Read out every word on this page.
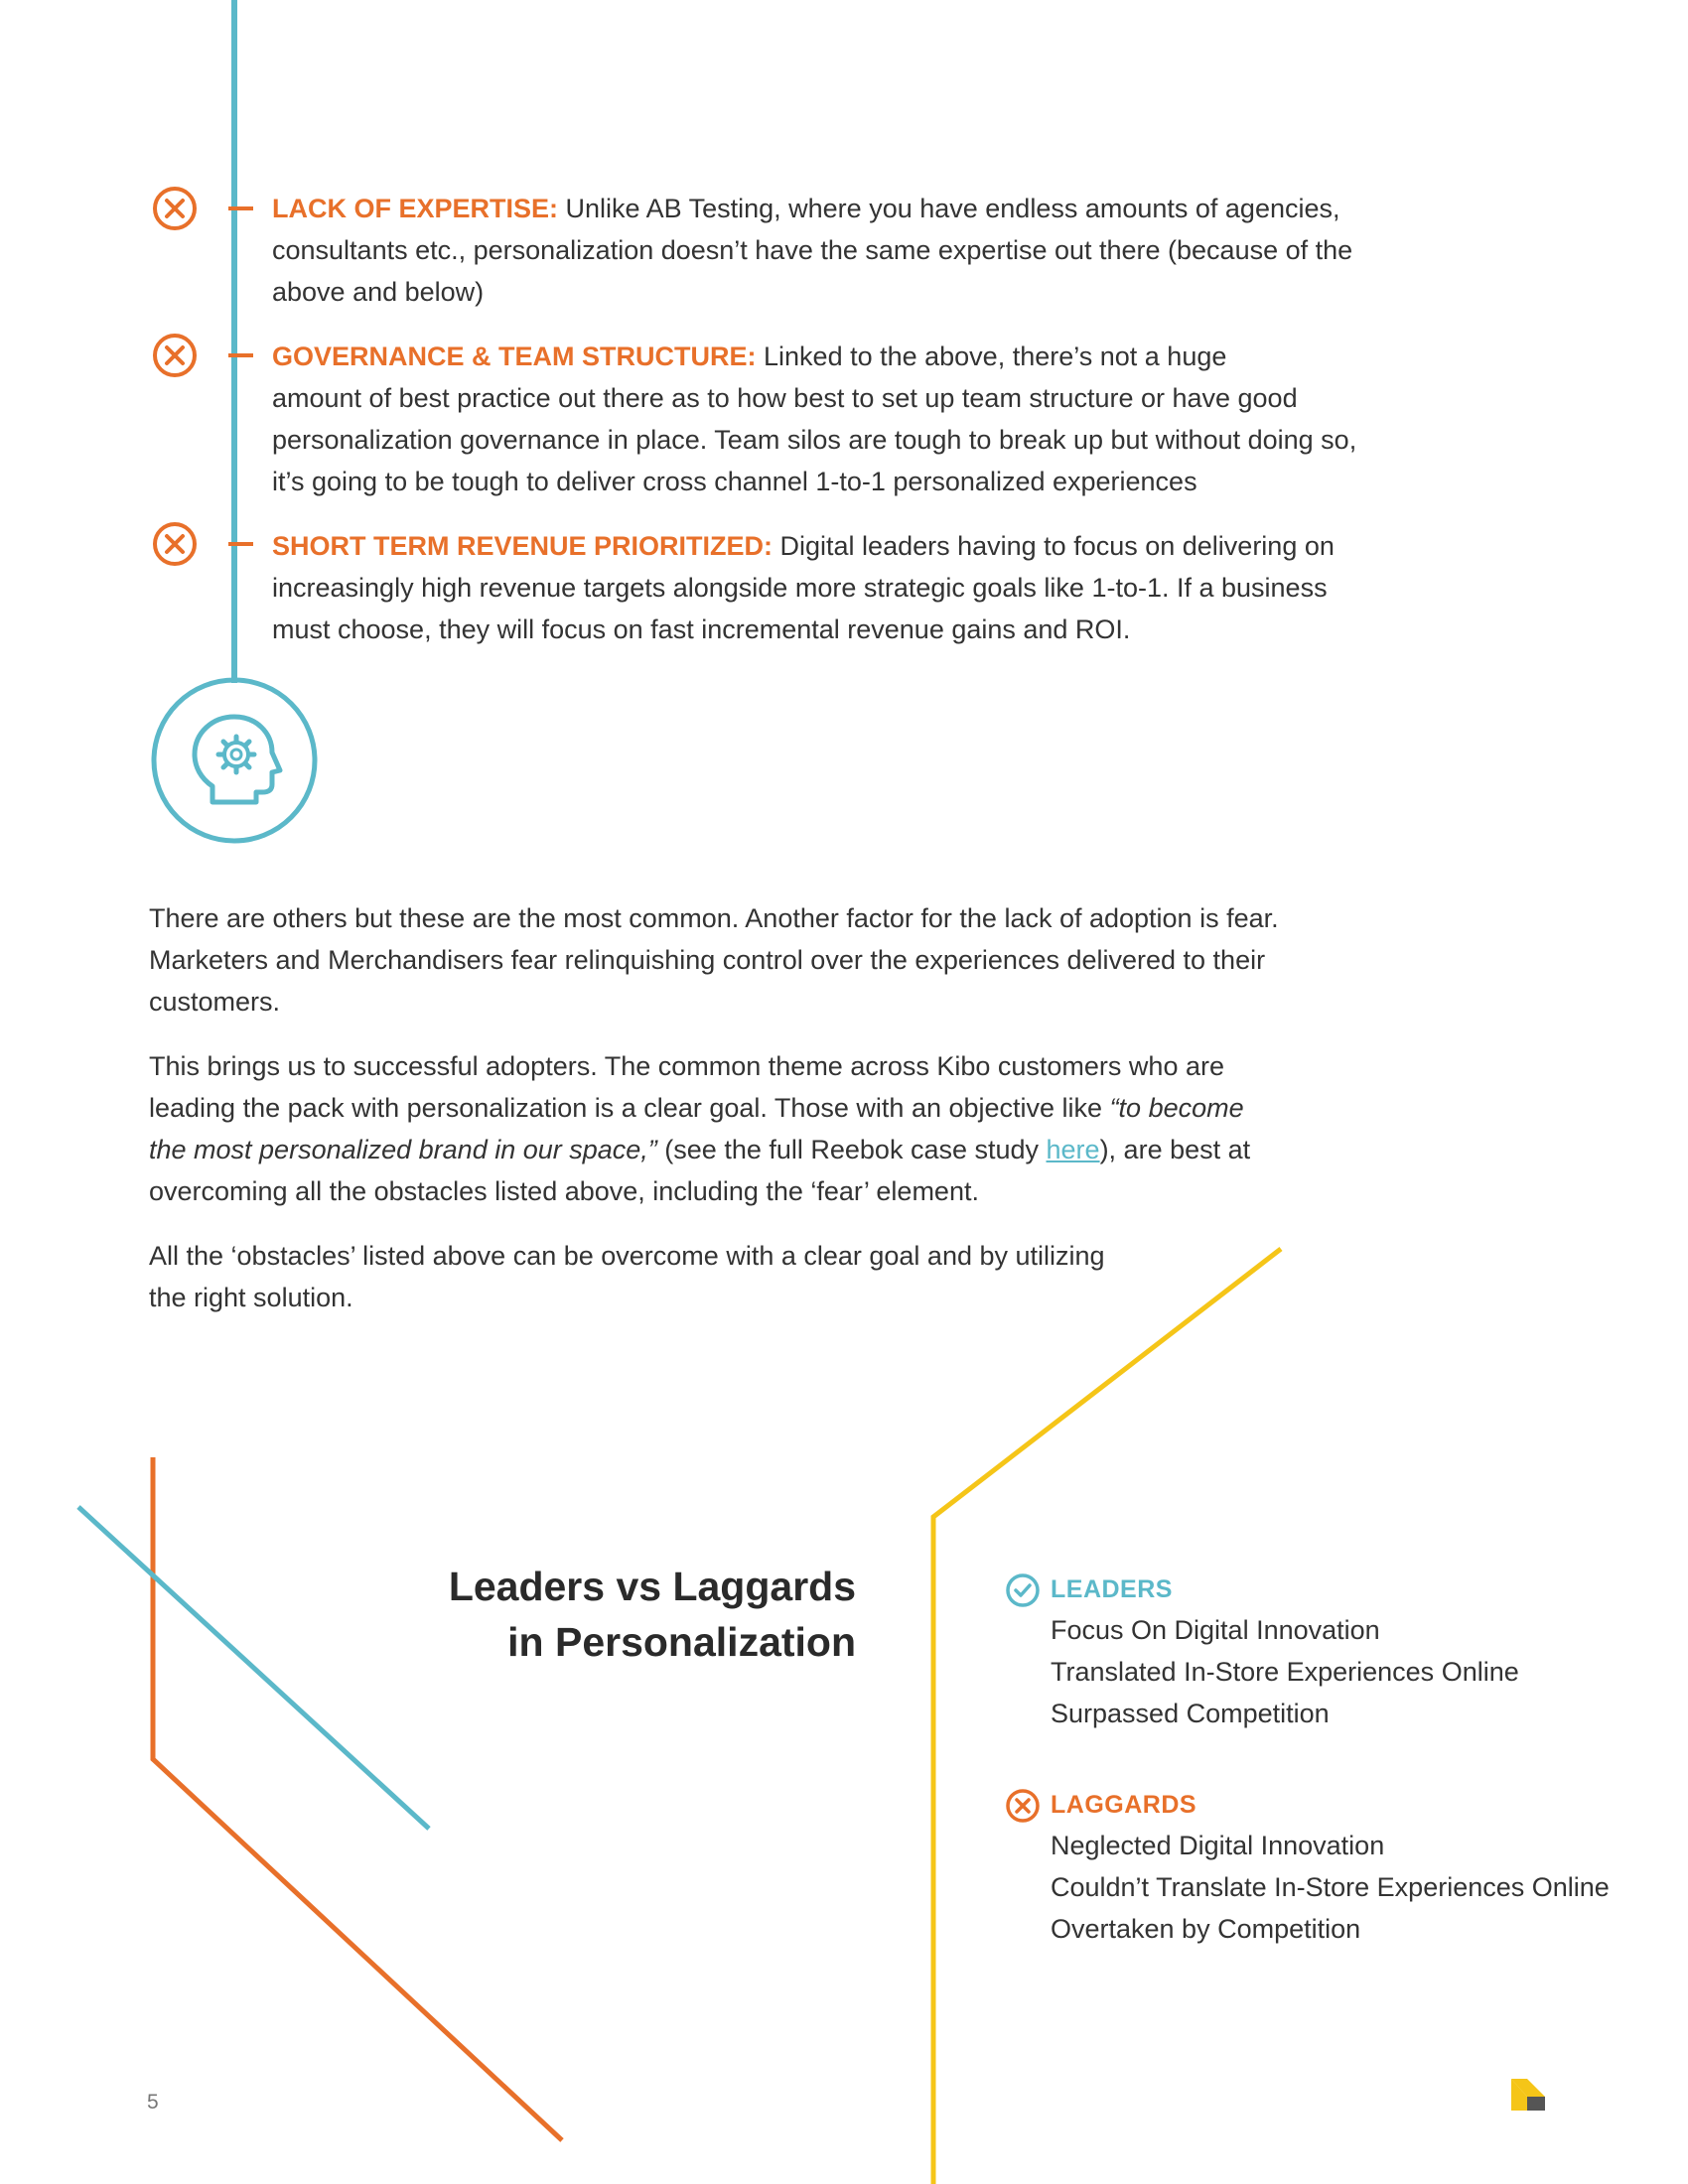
LACK OF EXPERTISE: Unlike AB Testing, where you have endless amounts of agencies,
consultants etc., personalization doesn’t have the same expertise out there (because of the
above and below)
GOVERNANCE & TEAM STRUCTURE: Linked to the above, there’s not a huge
amount of best practice out there as to how best to set up team structure or have good
personalization governance in place. Team silos are tough to break up but without doing so,
it’s going to be tough to deliver cross channel 1-to-1 personalized experiences
SHORT TERM REVENUE PRIORITIZED: Digital leaders having to focus on delivering on
increasingly high revenue targets alongside more strategic goals like 1-to-1. If a business
must choose, they will focus on fast incremental revenue gains and ROI.
There are others but these are the most common. Another factor for the lack of adoption is fear.
Marketers and Merchandisers fear relinquishing control over the experiences delivered to their
customers.
This brings us to successful adopters. The common theme across Kibo customers who are
leading the pack with personalization is a clear goal. Those with an objective like “to become
the most personalized brand in our space,” (see the full Reebok case study here), are best at
overcoming all the obstacles listed above, including the ‘fear’ element.
All the ‘obstacles’ listed above can be overcome with a clear goal and by utilizing
the right solution.
Leaders vs Laggards
in Personalization
LEADERS
Focus On Digital Innovation
Translated In-Store Experiences Online
Surpassed Competition
LAGGARDS
Neglected Digital Innovation
Couldn’t Translate In-Store Experiences Online
Overtaken by Competition
5
